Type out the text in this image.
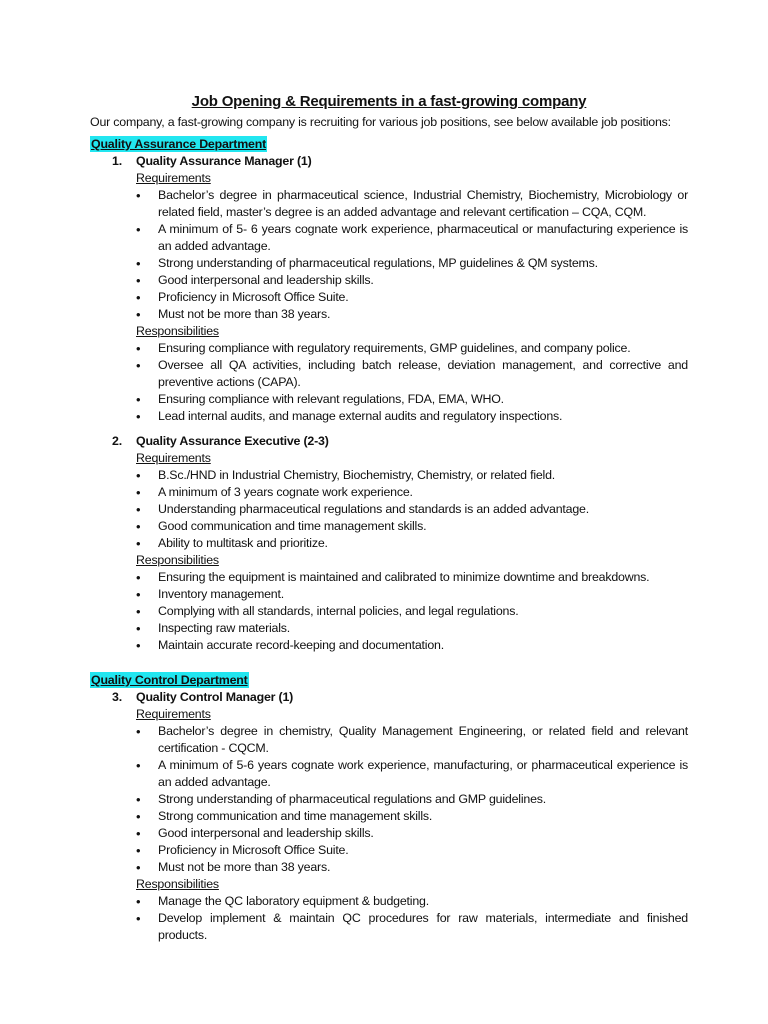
Job Opening & Requirements in a fast-growing company
Our company, a fast-growing company is recruiting for various job positions, see below available job positions:
Quality Assurance Department
1.	Quality Assurance Manager (1)
Requirements
• Bachelor’s degree in pharmaceutical science, Industrial Chemistry, Biochemistry, Microbiology or related field, master’s degree is an added advantage and relevant certification – CQA, CQM.
• A minimum of 5- 6 years cognate work experience, pharmaceutical or manufacturing experience is an added advantage.
• Strong understanding of pharmaceutical regulations, MP guidelines & QM systems.
• Good interpersonal and leadership skills.
• Proficiency in Microsoft Office Suite.
• Must not be more than 38 years.
Responsibilities
• Ensuring compliance with regulatory requirements, GMP guidelines, and company police.
• Oversee all QA activities, including batch release, deviation management, and corrective and preventive actions (CAPA).
• Ensuring compliance with relevant regulations, FDA, EMA, WHO.
• Lead internal audits, and manage external audits and regulatory inspections.
2.	Quality Assurance Executive (2-3)
Requirements
• B.Sc./HND in Industrial Chemistry, Biochemistry, Chemistry, or related field.
• A minimum of 3 years cognate work experience.
• Understanding pharmaceutical regulations and standards is an added advantage.
• Good communication and time management skills.
• Ability to multitask and prioritize.
Responsibilities
• Ensuring the equipment is maintained and calibrated to minimize downtime and breakdowns.
• Inventory management.
• Complying with all standards, internal policies, and legal regulations.
• Inspecting raw materials.
• Maintain accurate record-keeping and documentation.
Quality Control Department
3.	Quality Control Manager (1)
Requirements
• Bachelor’s degree in chemistry, Quality Management Engineering, or related field and relevant certification - CQCM.
• A minimum of 5-6 years cognate work experience, manufacturing, or pharmaceutical experience is an added advantage.
• Strong understanding of pharmaceutical regulations and GMP guidelines.
• Strong communication and time management skills.
• Good interpersonal and leadership skills.
• Proficiency in Microsoft Office Suite.
• Must not be more than 38 years.
Responsibilities
• Manage the QC laboratory equipment & budgeting.
• Develop implement & maintain QC procedures for raw materials, intermediate and finished products.
